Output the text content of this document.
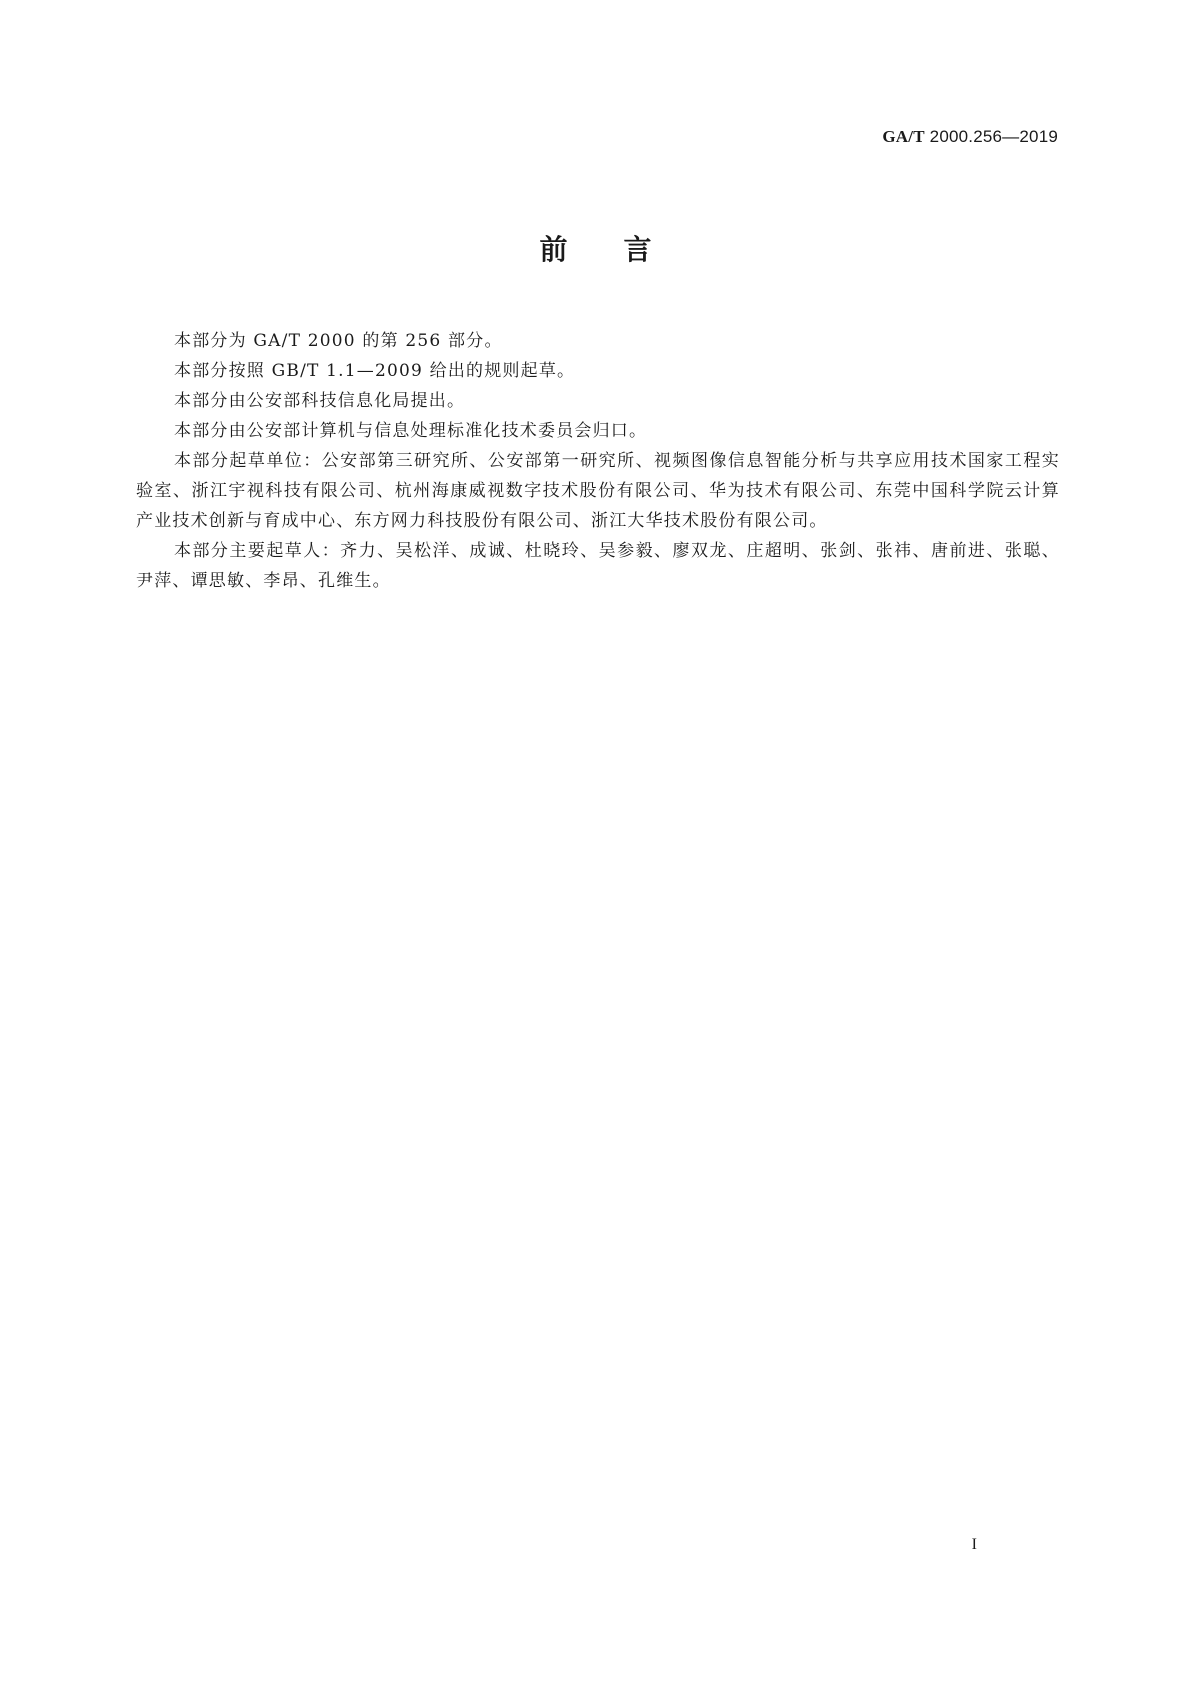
GA/T 2000.256—2019
前 言

本部分为 GA/T 2000 的第 256 部分。

本部分按照 GB/T 1.1—2009 给出的规则起草。

本部分由公安部科技信息化局提出。

本部分由公安部计算机与信息处理标准化技术委员会归口。

本部分起草单位：公安部第三研究所、公安部第一研究所、视频图像信息智能分析与共享应用技术国家工程实验室、浙江宇视科技有限公司、杭州海康威视数字技术股份有限公司、华为技术有限公司、东莞中国科学院云计算产业技术创新与育成中心、东方网力科技股份有限公司、浙江大华技术股份有限公司。

本部分主要起草人：齐力、吴松洋、成诚、杜晓玲、吴参毅、廖双龙、庄超明、张剑、张祎、唐前进、张聪、尹萍、谭思敏、李昂、孔维生。

I
